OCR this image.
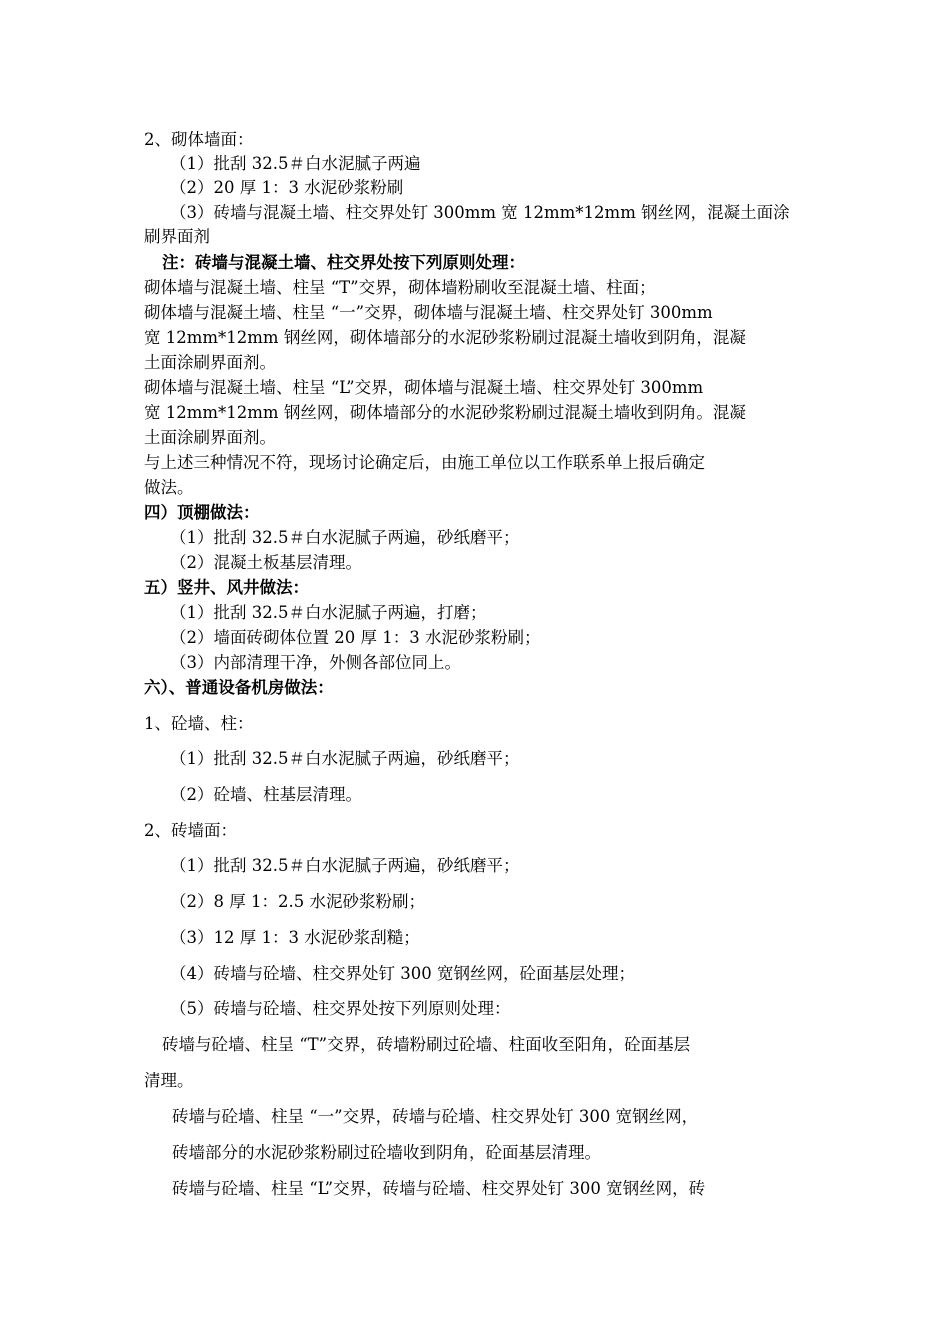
2、砌体墙面：
（1）批刮 32.5＃白水泥腻子两遍
（2）20 厚 1：3 水泥砂浆粉刷
（3）砖墙与混凝土墙、柱交界处钉 300mm 宽 12mm*12mm 钢丝网，混凝土面涂
刷界面剂
注：砖墙与混凝土墙、柱交界处按下列原则处理：
砌体墙与混凝土墙、柱呈 “T”交界，砌体墙粉刷收至混凝土墙、柱面；
砌体墙与混凝土墙、柱呈 “一”交界，砌体墙与混凝土墙、柱交界处钉 300mm
宽 12mm*12mm 钢丝网，砌体墙部分的水泥砂浆粉刷过混凝土墙收到阴角，混凝
土面涂刷界面剂。
砌体墙与混凝土墙、柱呈 “L”交界，砌体墙与混凝土墙、柱交界处钉 300mm
宽 12mm*12mm 钢丝网，砌体墙部分的水泥砂浆粉刷过混凝土墙收到阴角。混凝
土面涂刷界面剂。
与上述三种情况不符，现场讨论确定后，由施工单位以工作联系单上报后确定
做法。
四）顶棚做法：
（1）批刮 32.5＃白水泥腻子两遍，砂纸磨平；
（2）混凝土板基层清理。
五）竖井、风井做法：
（1）批刮 32.5＃白水泥腻子两遍，打磨；
（2）墙面砖砌体位置 20 厚 1：3 水泥砂浆粉刷；
（3）内部清理干净，外侧各部位同上。
六）、普通设备机房做法：
1、砼墙、柱：
（1）批刮 32.5＃白水泥腻子两遍，砂纸磨平；
（2）砼墙、柱基层清理。
2、砖墙面：
（1）批刮 32.5＃白水泥腻子两遍，砂纸磨平；
（2）8 厚 1：2.5 水泥砂浆粉刷；
（3）12 厚 1：3 水泥砂浆刮糙；
（4）砖墙与砼墙、柱交界处钉 300 宽钢丝网，砼面基层处理；
（5）砖墙与砼墙、柱交界处按下列原则处理：
砖墙与砼墙、柱呈 “T”交界，砖墙粉刷过砼墙、柱面收至阳角，砼面基层
清理。
砖墙与砼墙、柱呈 “一”交界，砖墙与砼墙、柱交界处钉 300 宽钢丝网，
砖墙部分的水泥砂浆粉刷过砼墙收到阴角，砼面基层清理。
砖墙与砼墙、柱呈 “L”交界，砖墙与砼墙、柱交界处钉 300 宽钢丝网，砖
